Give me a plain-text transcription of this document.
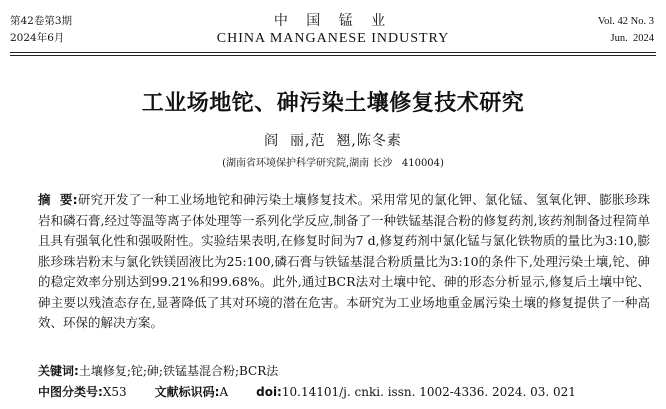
第42卷第3期
2024年6月
中 国 锰 业
CHINA MANGANESE INDUSTRY
Vol. 42 No. 3
Jun.  2024
工业场地铊、砷污染土壤修复技术研究
阎  丽,范  翘,陈冬素
(湖南省环境保护科学研究院,湖南 长沙   410004)
摘  要:研究开发了一种工业场地铊和砷污染土壤修复技术。采用常见的氯化钾、氯化锰、氢氧化钾、膨胀珍珠岩和磷石膏,经过等温等离子体处理等一系列化学反应,制备了一种铁锰基混合粉的修复药剂,该药剂制备过程简单且具有强氧化性和强吸附性。实验结果表明,在修复时间为7 d,修复药剂中氯化锰与氯化铁物质的量比为3:10,膨胀珍珠岩粉末与氯化铁镁固液比为25:100,磷石膏与铁锰基混合粉质量比为3:10的条件下,处理污染土壤,铊、砷的稳定效率分别达到99.21%和99.68%。此外,通过BCR法对土壤中铊、砷的形态分析显示,修复后土壤中铊、砷主要以残渣态存在,显著降低了其对环境的潜在危害。本研究为工业场地重金属污染土壤的修复提供了一种高效、环保的解决方案。
关键词:土壤修复;铊;砷;铁锰基混合粉;BCR法
中图分类号:X53 文献标识码:A doi:10.14101/j. cnki. issn. 1002-4336. 2024. 03. 021
